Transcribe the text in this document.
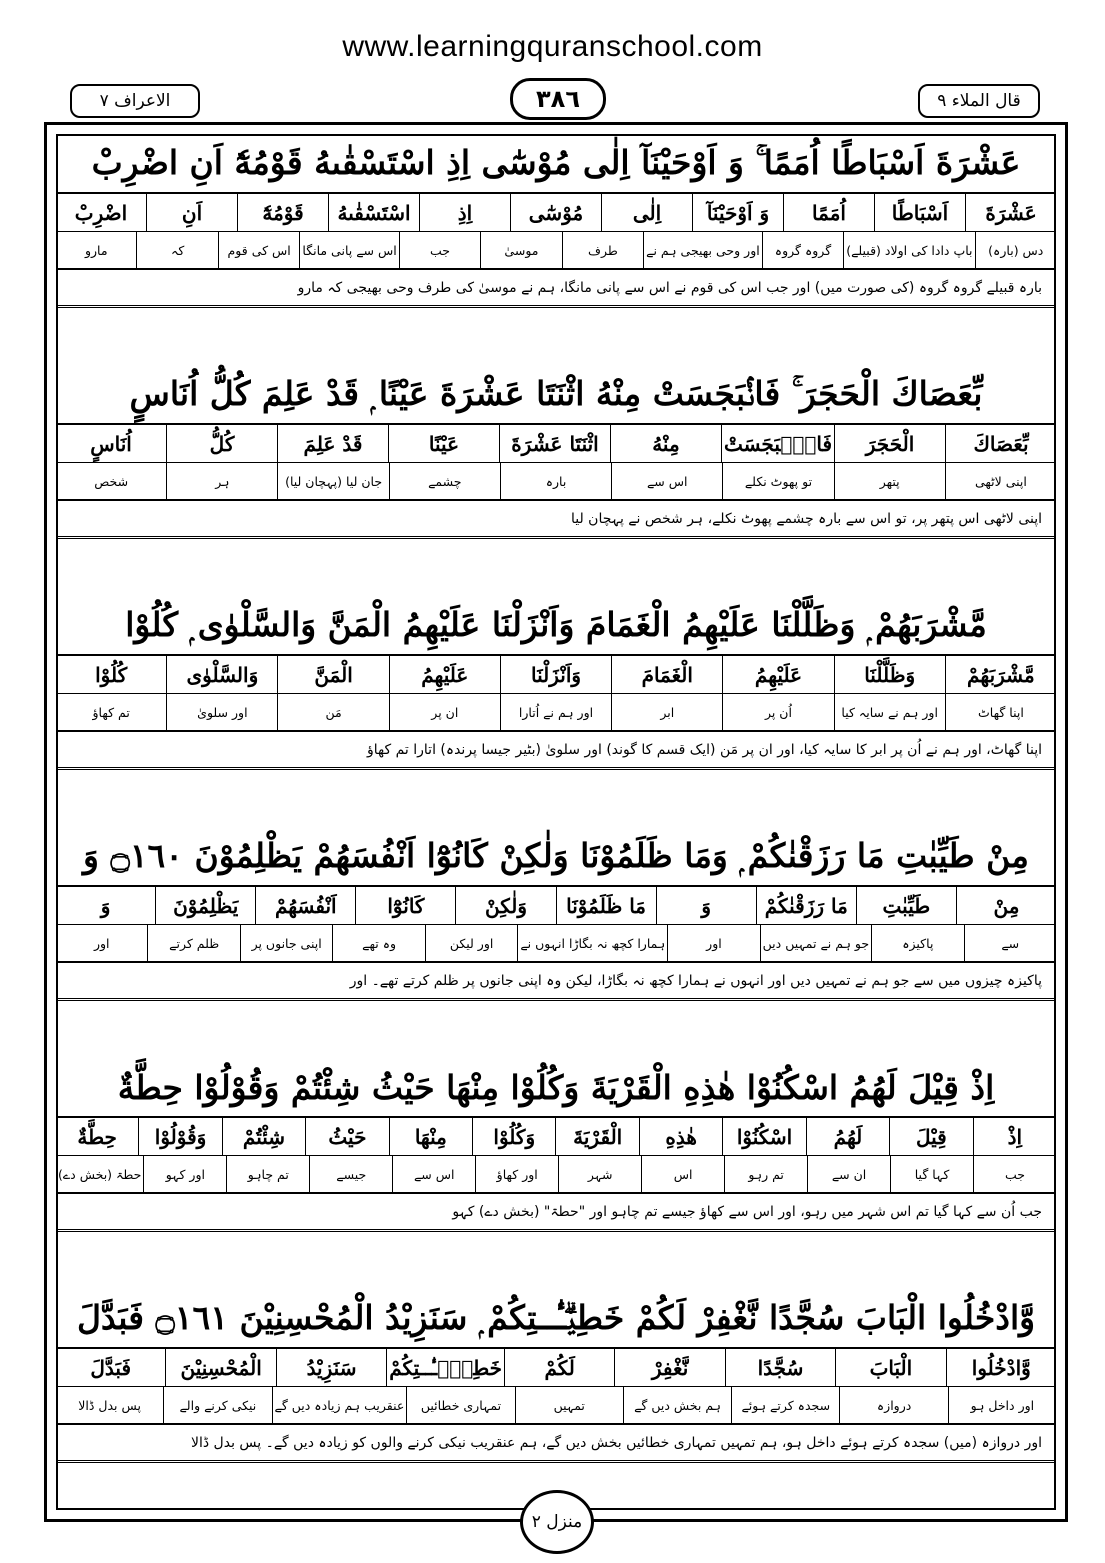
www.learningquranschool.com
الاعراف ٧	٣٨٦	قال الملاء ٩
عَشْرَةَ اَسْبَاطًا اُمَمًا ۚ وَ اَوْحَيْنَآ اِلٰى مُوْسٰٓى اِذِ اسْتَسْقٰىهُ قَوْمُهٗٓ اَنِ اضْرِبْ
عَشْرَةَ
اَسْبَاطًا
اُمَمًا
وَ اَوْحَيْنَآ
اِلٰى
مُوْسٰٓى
اِذِ
اسْتَسْقٰىهُ
قَوْمُهٗٓ
اَنِ
اضْرِبْ
دس (بارہ)
باپ دادا کی اولاد (قبیلے)
گروہ گروہ
اور وحی بھیجی ہم نے
طرف
موسیٰ
جب
اس سے پانی مانگا
اس کی قوم
کہ
مارو
بارہ قبیلے گروہ گروہ (کی صورت میں) اور جب اس کی قوم نے اس سے پانی مانگا، ہم نے موسیٰ کی طرف وحی بھیجی کہ مارو
بِّعَصَاكَ الْحَجَرَ ۚ فَانْۢبَجَسَتْ مِنْهُ اثْنَتَا عَشْرَةَ عَيْنًا ۭ قَدْ عَلِمَ كُلُّ اُنَاسٍ
بِّعَصَاكَ
الْحَجَرَ
فَانْۢبَجَسَتْ
مِنْهُ
اثْنَتَا عَشْرَةَ
عَيْنًا
قَدْ عَلِمَ
كُلُّ
اُنَاسٍ
اپنی لاٹھی
پتھر
تو پھوٹ نکلے
اس سے
بارہ
چشمے
جان لیا (پہچان لیا)
ہر
شخص
اپنی لاٹھی اس پتھر پر، تو اس سے بارہ چشمے پھوٹ نکلے، ہر شخص نے پہچان لیا
مَّشْرَبَهُمْ ۭ وَظَلَّلْنَا عَلَيْهِمُ الْغَمَامَ وَاَنْزَلْنَا عَلَيْهِمُ الْمَنَّ وَالسَّلْوٰى ۭ كُلُوْا
مَّشْرَبَهُمْ
وَظَلَّلْنَا
عَلَيْهِمُ
الْغَمَامَ
وَاَنْزَلْنَا
عَلَيْهِمُ
الْمَنَّ
وَالسَّلْوٰى
كُلُوْا
اپنا گھاٹ
اور ہم نے سایہ کیا
اُن پر
ابر
اور ہم نے اُتارا
ان پر
مَن
اور سلویٰ
تم کھاؤ
اپنا گھاٹ، اور ہم نے اُن پر ابر کا سایہ کیا، اور ان پر مَن (ایک قسم کا گوند) اور سلویٰ (بٹیر جیسا پرندہ) اتارا تم کھاؤ
مِنْ طَيِّبٰتِ مَا رَزَقْنٰكُمْ ۭ وَمَا ظَلَمُوْنَا وَلٰكِنْ كَانُوْٓا اَنْفُسَهُمْ يَظْلِمُوْنَ ۝١٦٠ وَ
مِنْ
طَيِّبٰتِ
مَا رَزَقْنٰكُمْ
وَ
مَا ظَلَمُوْنَا
وَلٰكِنْ
كَانُوْٓا
اَنْفُسَهُمْ
يَظْلِمُوْنَ
وَ
سے
پاکیزہ
جو ہم نے تمہیں دیں
اور
ہمارا کچھ نہ بگاڑا انہوں نے
اور لیکن
وہ تھے
اپنی جانوں پر
ظلم کرتے
اور
پاکیزہ چیزوں میں سے جو ہم نے تمہیں دیں اور انہوں نے ہمارا کچھ نہ بگاڑا، لیکن وہ اپنی جانوں پر ظلم کرتے تھے۔ اور
اِذْ قِيْلَ لَهُمُ اسْكُنُوْا هٰذِهِ الْقَرْيَةَ وَكُلُوْا مِنْهَا حَيْثُ شِئْتُمْ وَقُوْلُوْا حِطَّةٌ
اِذْ
قِيْلَ
لَهُمُ
اسْكُنُوْا
هٰذِهِ
الْقَرْيَةَ
وَكُلُوْا
مِنْهَا
حَيْثُ
شِئْتُمْ
وَقُوْلُوْا
حِطَّةٌ
جب
کہا گیا
ان سے
تم رہو
اس
شہر
اور کھاؤ
اس سے
جیسے
تم چاہو
اور کہو
حطۃ (بخش دے)
جب اُن سے کہا گیا تم اس شہر میں رہو، اور اس سے کھاؤ جیسے تم چاہو اور "حطۃ" (بخش دے) کہو
وَّادْخُلُوا الْبَابَ سُجَّدًا نَّغْفِرْ لَكُمْ خَطِيْۗـٰٔــتِكُمْ ۭ سَنَزِيْدُ الْمُحْسِنِيْنَ ۝١٦١ فَبَدَّلَ
وَّادْخُلُوا
الْبَابَ
سُجَّدًا
نَّغْفِرْ
لَكُمْ
خَطِيْۗـٰٔــتِكُمْ
سَنَزِيْدُ
الْمُحْسِنِيْنَ
فَبَدَّلَ
اور داخل ہو
دروازہ
سجدہ کرتے ہوئے
ہم بخش دیں گے
تمہیں
تمہاری خطائیں
عنقریب ہم زیادہ دیں گے
نیکی کرنے والے
پس بدل ڈالا
اور دروازہ (میں) سجدہ کرتے ہوئے داخل ہو، ہم تمہیں تمہاری خطائیں بخش دیں گے، ہم عنقریب نیکی کرنے والوں کو زیادہ دیں گے۔ پس بدل ڈالا
منزل ٢
